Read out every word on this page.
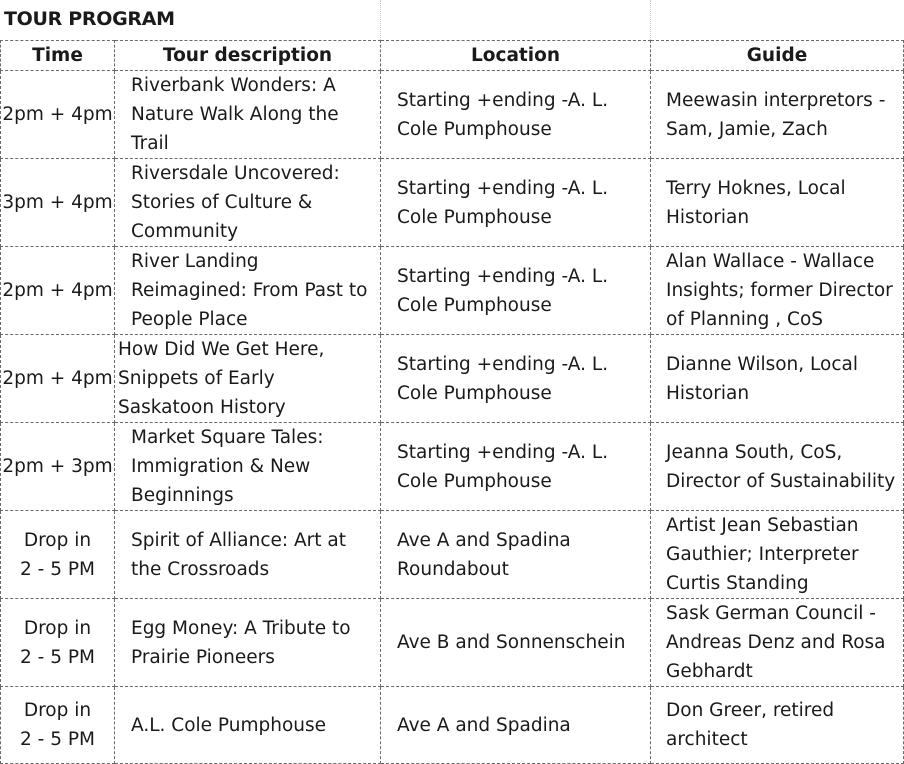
TOUR PROGRAM
Time	Tour description	Location	Guide
2pm + 4pm	Riverbank Wonders: A Nature Walk Along the Trail	Starting +ending -A. L. Cole Pumphouse	Meewasin interpretors - Sam, Jamie, Zach
3pm + 4pm	Riversdale Uncovered: Stories of Culture & Community	Starting +ending -A. L. Cole Pumphouse	Terry Hoknes, Local Historian
2pm + 4pm	River Landing Reimagined: From Past to People Place	Starting +ending -A. L. Cole Pumphouse	Alan Wallace - Wallace Insights; former Director of Planning , CoS
2pm + 4pm	How Did We Get Here, Snippets of Early Saskatoon History	Starting +ending -A. L. Cole Pumphouse	Dianne Wilson, Local Historian
2pm + 3pm	Market Square Tales: Immigration & New Beginnings	Starting +ending -A. L. Cole Pumphouse	Jeanna South, CoS, Director of Sustainability
Drop in
2 - 5 PM	Spirit of Alliance: Art at the Crossroads	Ave A and Spadina Roundabout	Artist Jean Sebastian Gauthier; Interpreter Curtis Standing
Drop in
2 - 5 PM	Egg Money: A Tribute to Prairie Pioneers	Ave B and Sonnenschein	Sask German Council - Andreas Denz and Rosa Gebhardt
Drop in
2 - 5 PM	A.L. Cole Pumphouse	Ave A and Spadina	Don Greer, retired architect
